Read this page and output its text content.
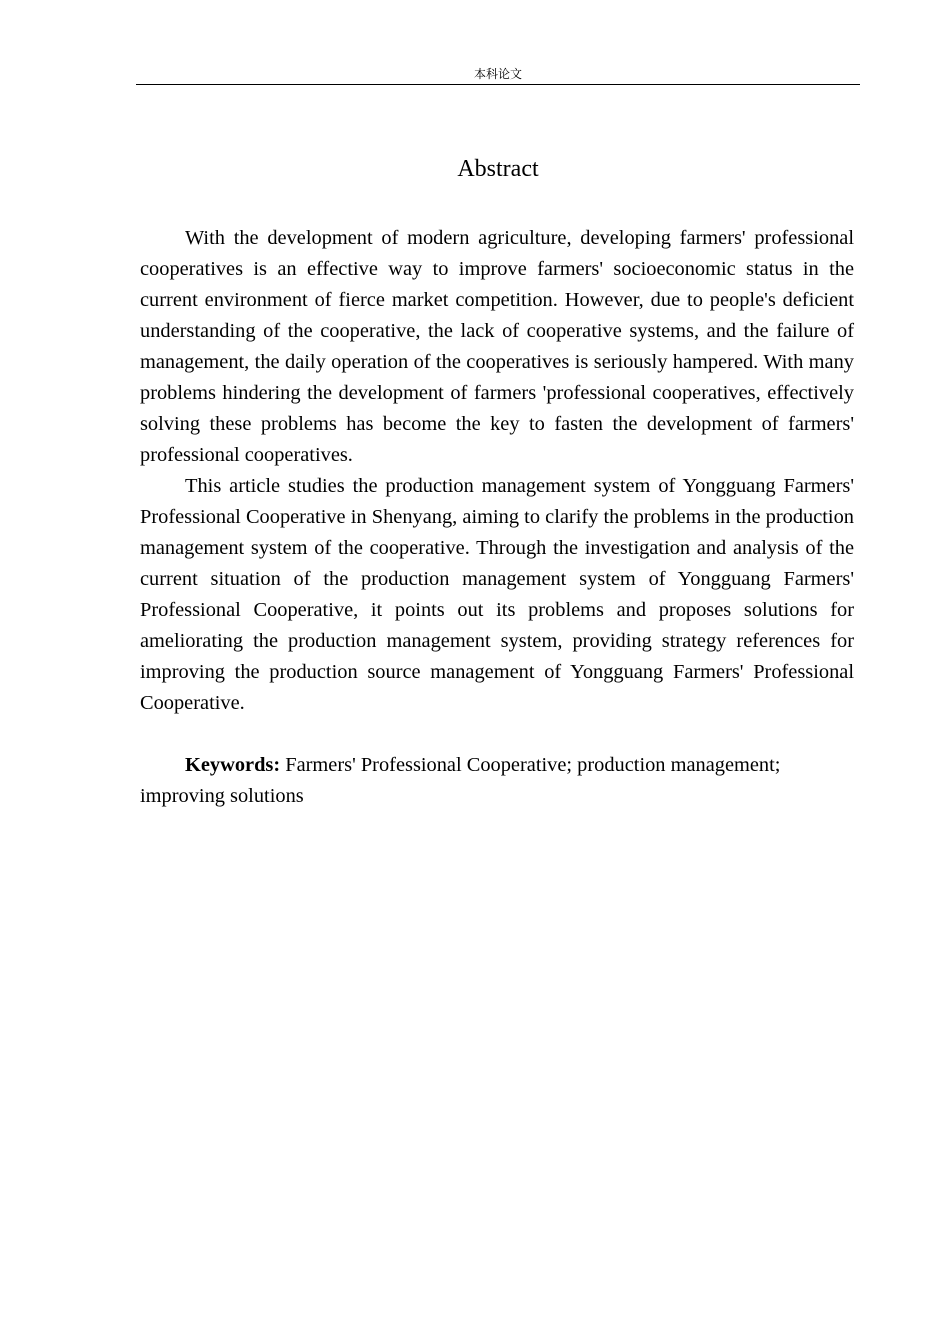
本科论文
Abstract

With the development of modern agriculture, developing farmers' professional cooperatives is an effective way to improve farmers' socioeconomic status in the current environment of fierce market competition. However, due to people's deficient understanding of the cooperative, the lack of cooperative systems, and the failure of management, the daily operation of the cooperatives is seriously hampered. With many problems hindering the development of farmers 'professional cooperatives, effectively solving these problems has become the key to fasten the development of farmers' professional cooperatives.

This article studies the production management system of Yongguang Farmers' Professional Cooperative in Shenyang, aiming to clarify the problems in the production management system of the cooperative. Through the investigation and analysis of the current situation of the production management system of Yongguang Farmers' Professional Cooperative, it points out its problems and proposes solutions for ameliorating the production management system, providing strategy references for improving the production source management of Yongguang Farmers' Professional Cooperative.

Keywords: Farmers' Professional Cooperative; production management; improving solutions
